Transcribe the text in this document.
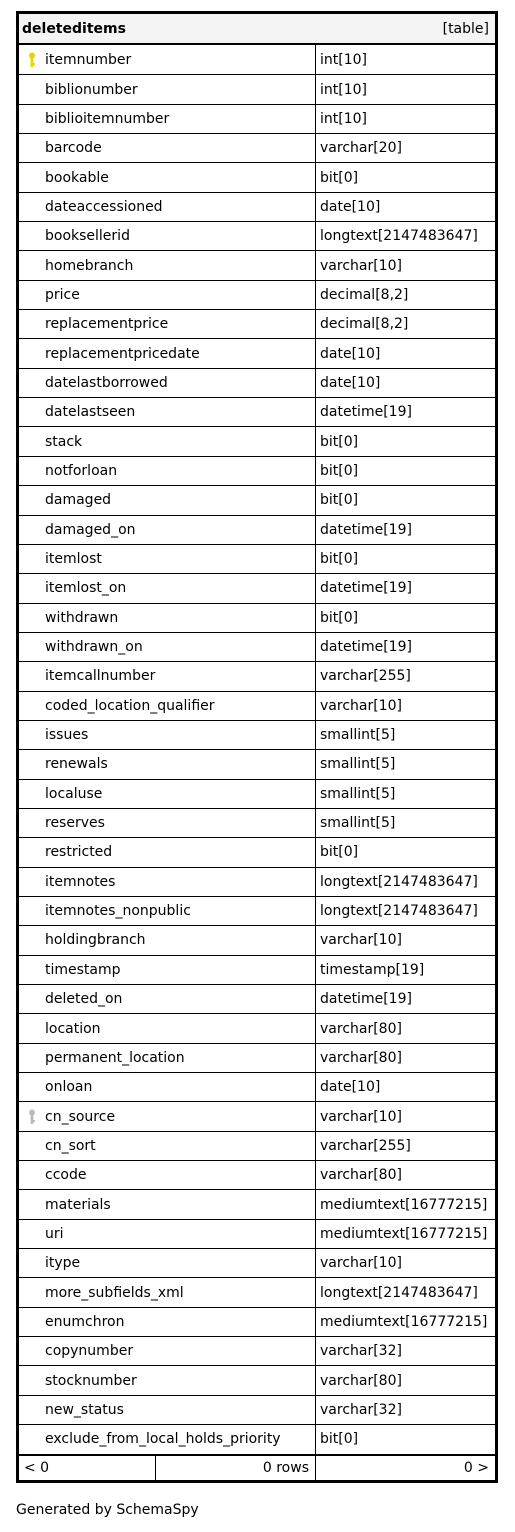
deleteditems	[table]
itemnumber	int[10]
biblionumber	int[10]
biblioitemnumber	int[10]
barcode	varchar[20]
bookable	bit[0]
dateaccessioned	date[10]
booksellerid	longtext[2147483647]
homebranch	varchar[10]
price	decimal[8,2]
replacementprice	decimal[8,2]
replacementpricedate	date[10]
datelastborrowed	date[10]
datelastseen	datetime[19]
stack	bit[0]
notforloan	bit[0]
damaged	bit[0]
damaged_on	datetime[19]
itemlost	bit[0]
itemlost_on	datetime[19]
withdrawn	bit[0]
withdrawn_on	datetime[19]
itemcallnumber	varchar[255]
coded_location_qualifier	varchar[10]
issues	smallint[5]
renewals	smallint[5]
localuse	smallint[5]
reserves	smallint[5]
restricted	bit[0]
itemnotes	longtext[2147483647]
itemnotes_nonpublic	longtext[2147483647]
holdingbranch	varchar[10]
timestamp	timestamp[19]
deleted_on	datetime[19]
location	varchar[80]
permanent_location	varchar[80]
onloan	date[10]
cn_source	varchar[10]
cn_sort	varchar[255]
ccode	varchar[80]
materials	mediumtext[16777215]
uri	mediumtext[16777215]
itype	varchar[10]
more_subfields_xml	longtext[2147483647]
enumchron	mediumtext[16777215]
copynumber	varchar[32]
stocknumber	varchar[80]
new_status	varchar[32]
exclude_from_local_holds_priority	bit[0]
< 0	0 rows	0 >
Generated by SchemaSpy
